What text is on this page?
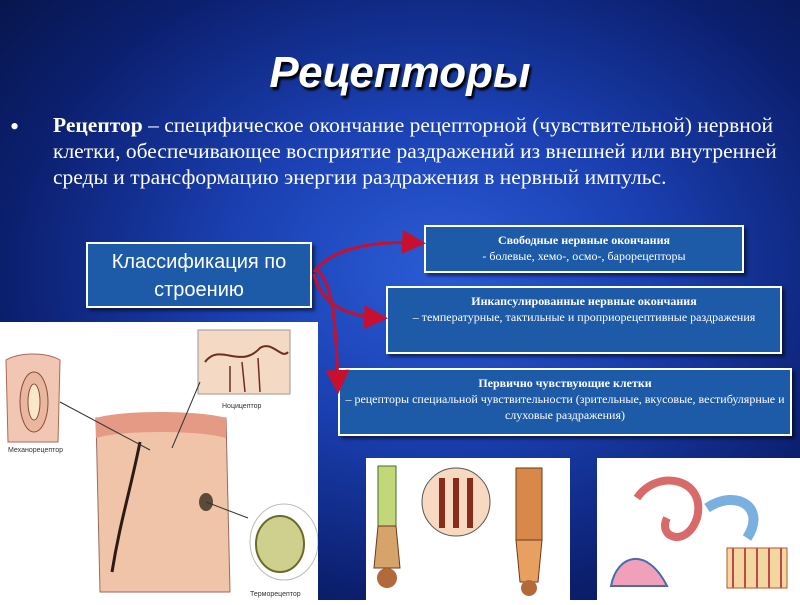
Рецепторы
• Рецептор – специфическое окончание рецепторной (чувствительной) нервной клетки, обеспечивающее восприятие раздражений из внешней или внутренней среды и трансформацию энергии раздражения в нервный импульс.
Классификация по строению
Свободные нервные окончания
- болевые, хемо-, осмо-, барорецепторы
Инкапсулированные нервные окончания
– температурные, тактильные и проприорецептивные раздражения
Первично чувствующие клетки
– рецепторы специальной чувствительности (зрительные, вкусовые, вестибулярные и слуховые раздражения)
Механорецептор
Ноцицептор
Терморецептор
